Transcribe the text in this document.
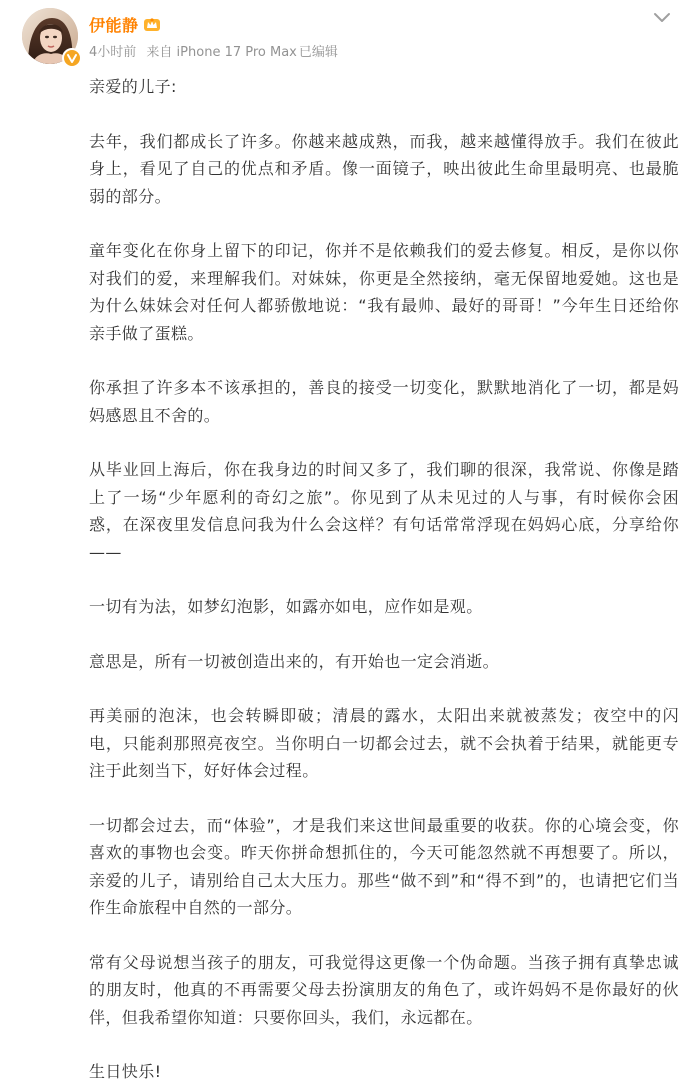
伊能静
4小时前 来自 iPhone 17 Pro Max 已编辑

亲爱的儿子:

去年，我们都成长了许多。你越来越成熟，而我，越来越懂得放手。我们在彼此身上，看见了自己的优点和矛盾。像一面镜子，映出彼此生命里最明亮、也最脆弱的部分。

童年变化在你身上留下的印记，你并不是依赖我们的爱去修复。相反，是你以你对我们的爱，来理解我们。对妹妹，你更是全然接纳，毫无保留地爱她。这也是为什么妹妹会对任何人都骄傲地说：“我有最帅、最好的哥哥！”今年生日还给你亲手做了蛋糕。

你承担了许多本不该承担的，善良的接受一切变化，默默地消化了一切，都是妈妈感恩且不舍的。

从毕业回上海后，你在我身边的时间又多了，我们聊的很深，我常说、你像是踏上了一场“少年愿利的奇幻之旅”。你见到了从未见过的人与事，有时候你会困惑，在深夜里发信息问我为什么会这样？有句话常常浮现在妈妈心底，分享给你——

一切有为法，如梦幻泡影，如露亦如电，应作如是观。

意思是，所有一切被创造出来的，有开始也一定会消逝。

再美丽的泡沫，也会转瞬即破；清晨的露水，太阳出来就被蒸发；夜空中的闪电，只能刹那照亮夜空。当你明白一切都会过去，就不会执着于结果，就能更专注于此刻当下，好好体会过程。

一切都会过去，而“体验”，才是我们来这世间最重要的收获。你的心境会变，你喜欢的事物也会变。昨天你拼命想抓住的，今天可能忽然就不再想要了。所以，亲爱的儿子，请别给自己太大压力。那些“做不到”和“得不到”的，也请把它们当作生命旅程中自然的一部分。

常有父母说想当孩子的朋友，可我觉得这更像一个伪命题。当孩子拥有真挚忠诚的朋友时，他真的不再需要父母去扮演朋友的角色了，或许妈妈不是你最好的伙伴，但我希望你知道：只要你回头，我们，永远都在。

生日快乐!
